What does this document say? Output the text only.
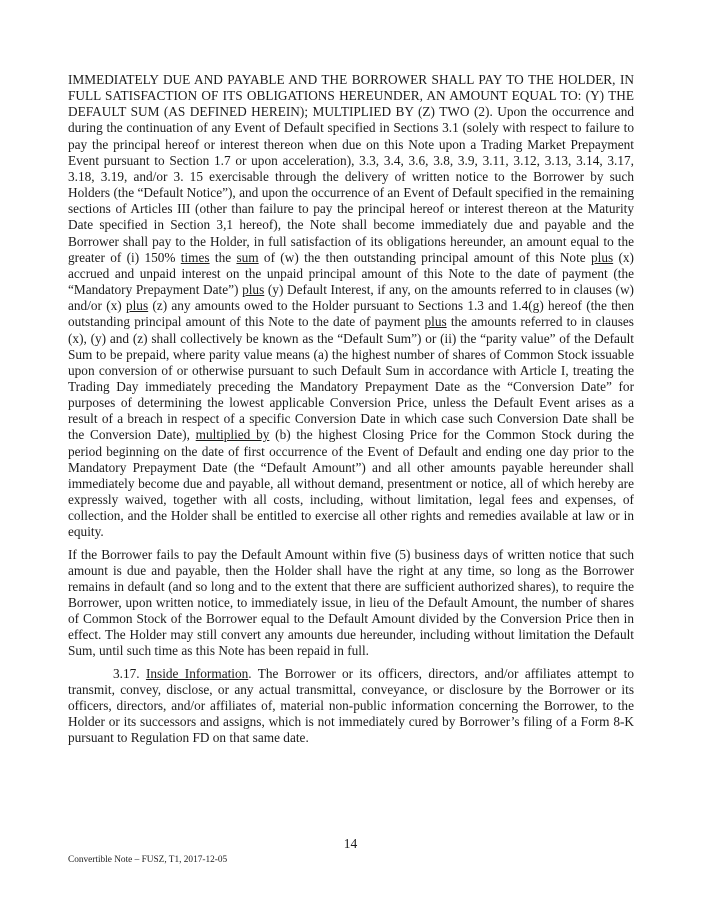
IMMEDIATELY DUE AND PAYABLE AND THE BORROWER SHALL PAY TO THE HOLDER, IN FULL SATISFACTION OF ITS OBLIGATIONS HEREUNDER, AN AMOUNT EQUAL TO: (Y) THE DEFAULT SUM (AS DEFINED HEREIN); MULTIPLIED BY (Z) TWO (2). Upon the occurrence and during the continuation of any Event of Default specified in Sections 3.1 (solely with respect to failure to pay the principal hereof or interest thereon when due on this Note upon a Trading Market Prepayment Event pursuant to Section 1.7 or upon acceleration), 3.3, 3.4, 3.6, 3.8, 3.9, 3.11, 3.12, 3.13, 3.14, 3.17, 3.18, 3.19, and/or 3. 15 exercisable through the delivery of written notice to the Borrower by such Holders (the “Default Notice”), and upon the occurrence of an Event of Default specified in the remaining sections of Articles III (other than failure to pay the principal hereof or interest thereon at the Maturity Date specified in Section 3,1 hereof), the Note shall become immediately due and payable and the Borrower shall pay to the Holder, in full satisfaction of its obligations hereunder, an amount equal to the greater of (i) 150% times the sum of (w) the then outstanding principal amount of this Note plus (x) accrued and unpaid interest on the unpaid principal amount of this Note to the date of payment (the “Mandatory Prepayment Date”) plus (y) Default Interest, if any, on the amounts referred to in clauses (w) and/or (x) plus (z) any amounts owed to the Holder pursuant to Sections 1.3 and 1.4(g) hereof (the then outstanding principal amount of this Note to the date of payment plus the amounts referred to in clauses (x), (y) and (z) shall collectively be known as the “Default Sum”) or (ii) the “parity value” of the Default Sum to be prepaid, where parity value means (a) the highest number of shares of Common Stock issuable upon conversion of or otherwise pursuant to such Default Sum in accordance with Article I, treating the Trading Day immediately preceding the Mandatory Prepayment Date as the “Conversion Date” for purposes of determining the lowest applicable Conversion Price, unless the Default Event arises as a result of a breach in respect of a specific Conversion Date in which case such Conversion Date shall be the Conversion Date), multiplied by (b) the highest Closing Price for the Common Stock during the period beginning on the date of first occurrence of the Event of Default and ending one day prior to the Mandatory Prepayment Date (the “Default Amount”) and all other amounts payable hereunder shall immediately become due and payable, all without demand, presentment or notice, all of which hereby are expressly waived, together with all costs, including, without limitation, legal fees and expenses, of collection, and the Holder shall be entitled to exercise all other rights and remedies available at law or in equity.

If the Borrower fails to pay the Default Amount within five (5) business days of written notice that such amount is due and payable, then the Holder shall have the right at any time, so long as the Borrower remains in default (and so long and to the extent that there are sufficient authorized shares), to require the Borrower, upon written notice, to immediately issue, in lieu of the Default Amount, the number of shares of Common Stock of the Borrower equal to the Default Amount divided by the Conversion Price then in effect. The Holder may still convert any amounts due hereunder, including without limitation the Default Sum, until such time as this Note has been repaid in full.

3.17. Inside Information. The Borrower or its officers, directors, and/or affiliates attempt to transmit, convey, disclose, or any actual transmittal, conveyance, or disclosure by the Borrower or its officers, directors, and/or affiliates of, material non-public information concerning the Borrower, to the Holder or its successors and assigns, which is not immediately cured by Borrower’s filing of a Form 8-K pursuant to Regulation FD on that same date.

14
Convertible Note – FUSZ, T1, 2017-12-05
